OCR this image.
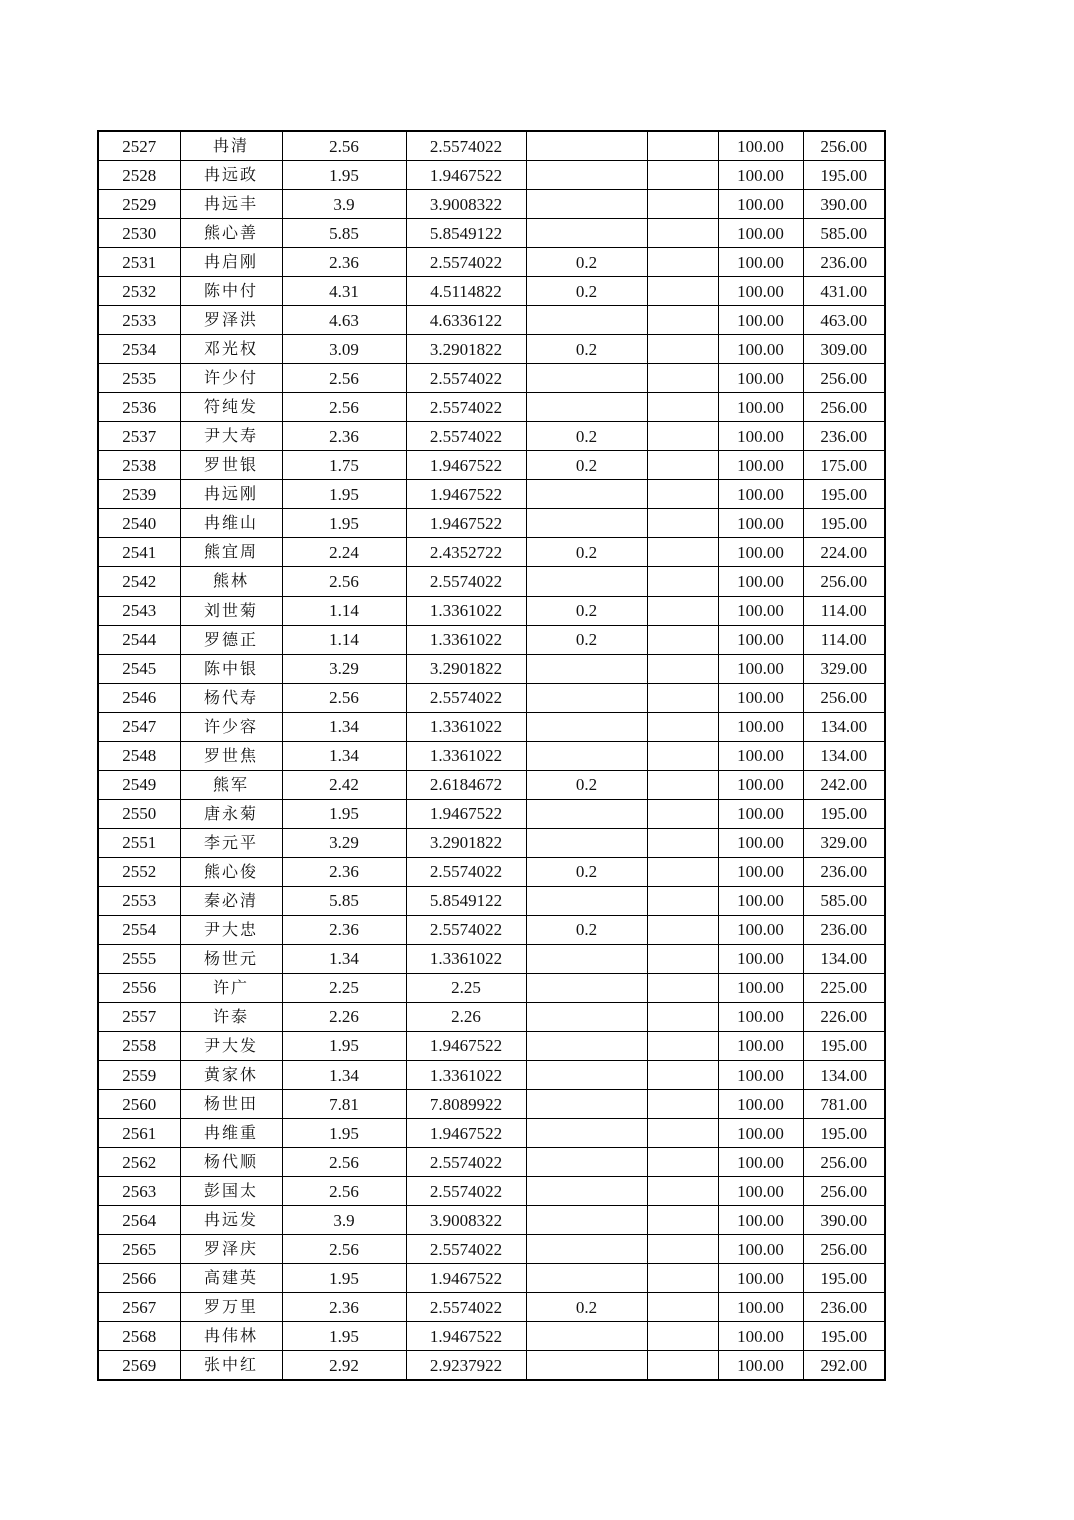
2527	冉清	2.56	2.5574022			100.00	256.00
2528	冉远政	1.95	1.9467522			100.00	195.00
2529	冉远丰	3.9	3.9008322			100.00	390.00
2530	熊心善	5.85	5.8549122			100.00	585.00
2531	冉启刚	2.36	2.5574022	0.2		100.00	236.00
2532	陈中付	4.31	4.5114822	0.2		100.00	431.00
2533	罗泽洪	4.63	4.6336122			100.00	463.00
2534	邓光权	3.09	3.2901822	0.2		100.00	309.00
2535	许少付	2.56	2.5574022			100.00	256.00
2536	符纯发	2.56	2.5574022			100.00	256.00
2537	尹大寿	2.36	2.5574022	0.2		100.00	236.00
2538	罗世银	1.75	1.9467522	0.2		100.00	175.00
2539	冉远刚	1.95	1.9467522			100.00	195.00
2540	冉维山	1.95	1.9467522			100.00	195.00
2541	熊宜周	2.24	2.4352722	0.2		100.00	224.00
2542	熊林	2.56	2.5574022			100.00	256.00
2543	刘世菊	1.14	1.3361022	0.2		100.00	114.00
2544	罗德正	1.14	1.3361022	0.2		100.00	114.00
2545	陈中银	3.29	3.2901822			100.00	329.00
2546	杨代寿	2.56	2.5574022			100.00	256.00
2547	许少容	1.34	1.3361022			100.00	134.00
2548	罗世焦	1.34	1.3361022			100.00	134.00
2549	熊军	2.42	2.6184672	0.2		100.00	242.00
2550	唐永菊	1.95	1.9467522			100.00	195.00
2551	李元平	3.29	3.2901822			100.00	329.00
2552	熊心俊	2.36	2.5574022	0.2		100.00	236.00
2553	秦必清	5.85	5.8549122			100.00	585.00
2554	尹大忠	2.36	2.5574022	0.2		100.00	236.00
2555	杨世元	1.34	1.3361022			100.00	134.00
2556	许广	2.25	2.25			100.00	225.00
2557	许泰	2.26	2.26			100.00	226.00
2558	尹大发	1.95	1.9467522			100.00	195.00
2559	黄家休	1.34	1.3361022			100.00	134.00
2560	杨世田	7.81	7.8089922			100.00	781.00
2561	冉维重	1.95	1.9467522			100.00	195.00
2562	杨代顺	2.56	2.5574022			100.00	256.00
2563	彭国太	2.56	2.5574022			100.00	256.00
2564	冉远发	3.9	3.9008322			100.00	390.00
2565	罗泽庆	2.56	2.5574022			100.00	256.00
2566	高建英	1.95	1.9467522			100.00	195.00
2567	罗万里	2.36	2.5574022	0.2		100.00	236.00
2568	冉伟林	1.95	1.9467522			100.00	195.00
2569	张中红	2.92	2.9237922			100.00	292.00
